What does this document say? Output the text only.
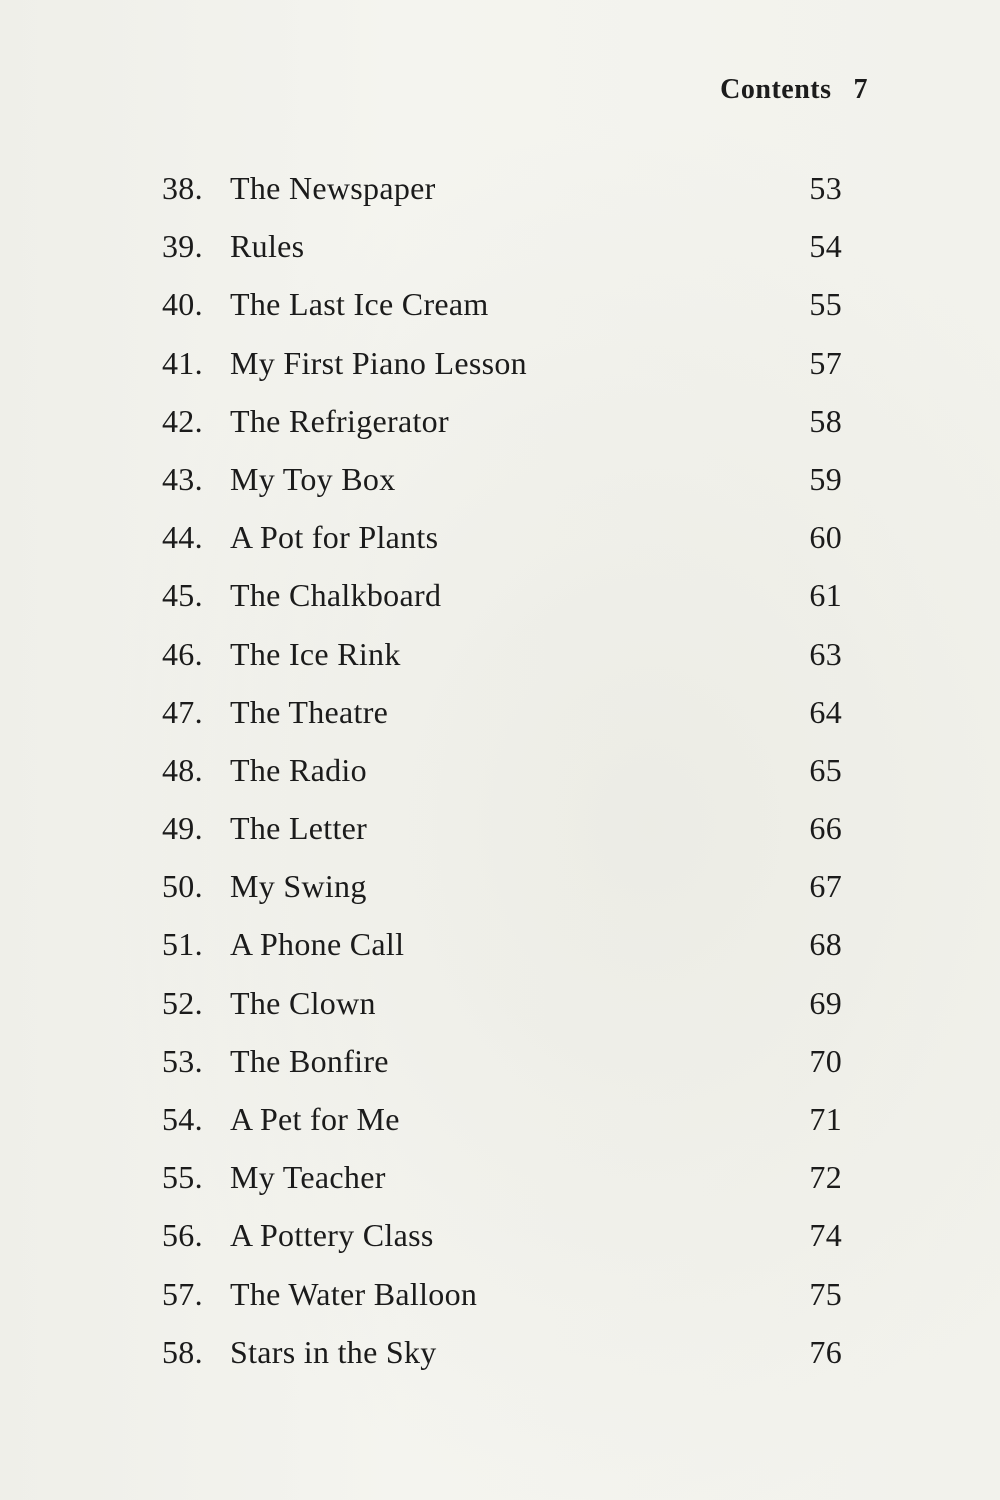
Contents 7
38. The Newspaper	53
39. Rules	54
40. The Last Ice Cream	55
41. My First Piano Lesson	57
42. The Refrigerator	58
43. My Toy Box	59
44. A Pot for Plants	60
45. The Chalkboard	61
46. The Ice Rink	63
47. The Theatre	64
48. The Radio	65
49. The Letter	66
50. My Swing	67
51. A Phone Call	68
52. The Clown	69
53. The Bonfire	70
54. A Pet for Me	71
55. My Teacher	72
56. A Pottery Class	74
57. The Water Balloon	75
58. Stars in the Sky	76
